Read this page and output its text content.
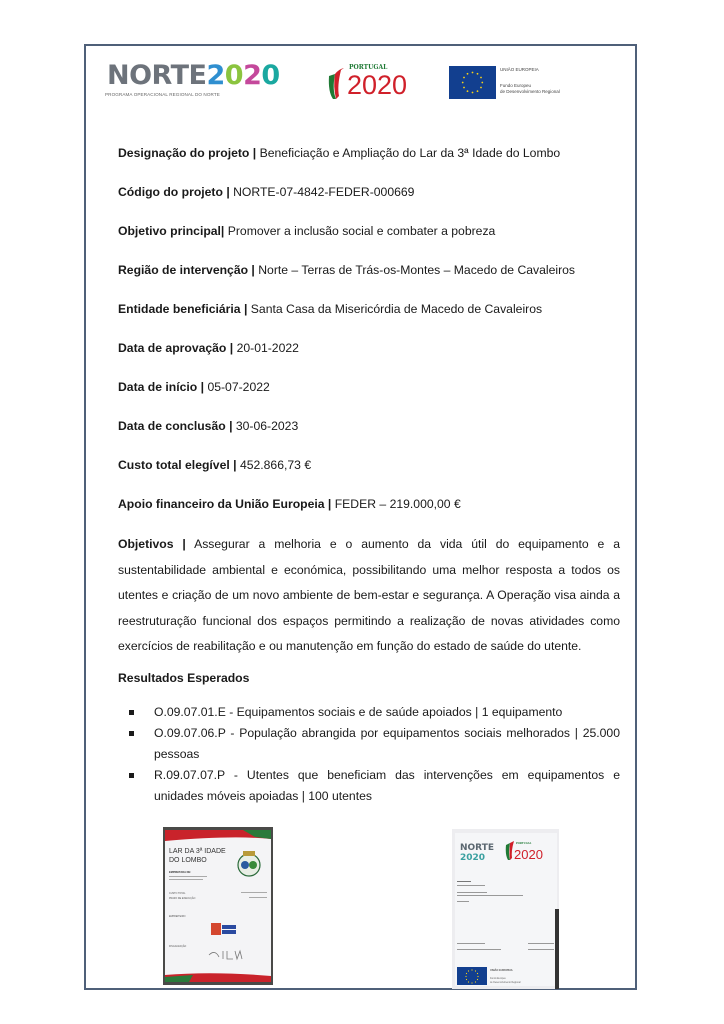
NORTE2020
PROGRAMA OPERACIONAL REGIONAL DO NORTE
PORTUGAL
2020
UNIÃO EUROPEIA
Fundo Europeu
de Desenvolvimento Regional
Designação do projeto | Beneficiação e Ampliação do Lar da 3ª Idade do Lombo
Código do projeto | NORTE-07-4842-FEDER-000669
Objetivo principal| Promover a inclusão social e combater a pobreza
Região de intervenção | Norte – Terras de Trás-os-Montes – Macedo de Cavaleiros
Entidade beneficiária | Santa Casa da Misericórdia de Macedo de Cavaleiros
Data de aprovação | 20-01-2022
Data de início | 05-07-2022
Data de conclusão | 30-06-2023
Custo total elegível | 452.866,73 €
Apoio financeiro da União Europeia | FEDER – 219.000,00 €
Objetivos | Assegurar a melhoria e o aumento da vida útil do equipamento e a sustentabilidade ambiental e económica, possibilitando uma melhor resposta a todos os utentes e criação de um novo ambiente de bem-estar e segurança. A Operação visa ainda a reestruturação funcional dos espaços permitindo a realização de novas atividades como exercícios de reabilitação e ou manutenção em função do estado de saúde do utente.
Resultados Esperados
O.09.07.01.E - Equipamentos sociais e de saúde apoiados | 1 equipamento
O.09.07.06.P - População abrangida por equipamentos sociais melhorados | 25.000 pessoas
R.09.07.07.P - Utentes que beneficiam das intervenções em equipamentos e unidades móveis apoiadas | 100 utentes
LAR DA 3ª IDADE
DO LOMBO
EMPREITADA DE:
CUSTO TOTAL
PRAZO DE EXECUÇÃO
EMPREITEIRO
FISCALIZAÇÃO
NORTE
2020
PORTUGAL
2020
UNIÃO EUROPEIA
Fundo Europeu
de Desenvolvimento Regional
